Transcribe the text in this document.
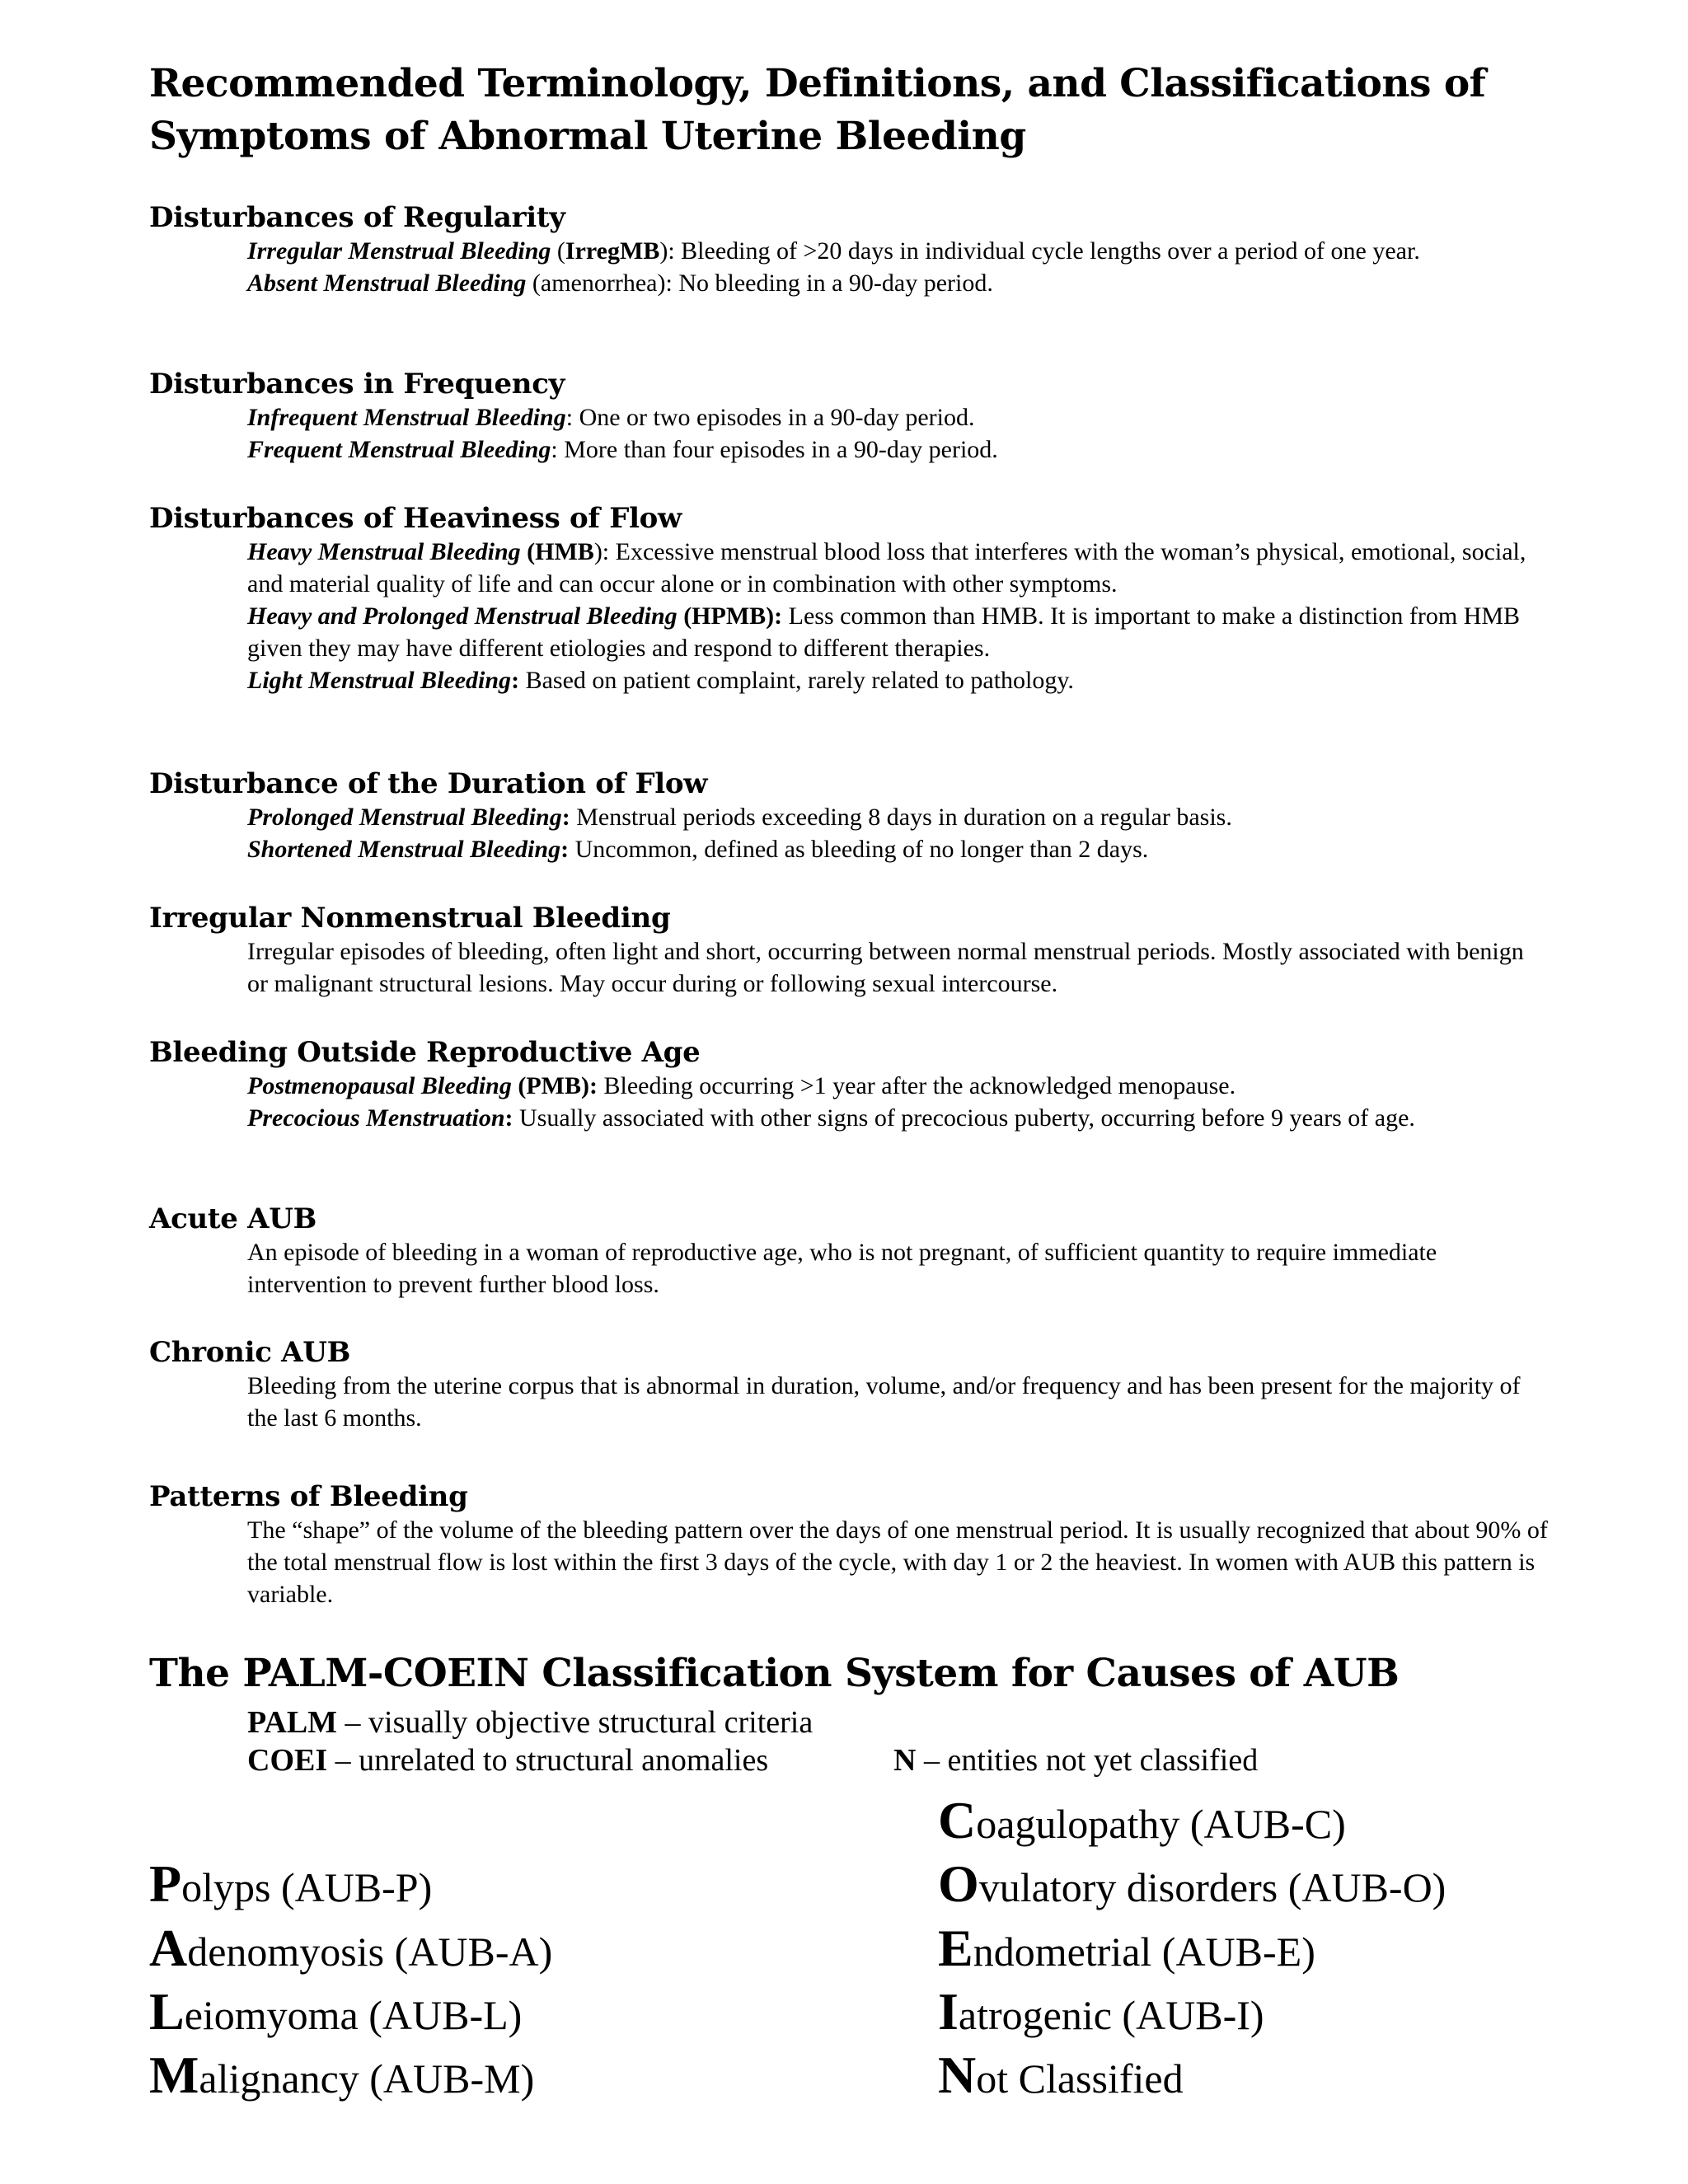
Recommended Terminology, Definitions, and Classifications of Symptoms of Abnormal Uterine Bleeding
Disturbances of Regularity

Irregular Menstrual Bleeding (IrregMB): Bleeding of >20 days in individual cycle lengths over a period of one year.

Absent Menstrual Bleeding (amenorrhea): No bleeding in a 90-day period.

Disturbances in Frequency

Infrequent Menstrual Bleeding: One or two episodes in a 90-day period.

Frequent Menstrual Bleeding: More than four episodes in a 90-day period.

Disturbances of Heaviness of Flow

Heavy Menstrual Bleeding (HMB): Excessive menstrual blood loss that interferes with the woman’s physical, emotional, social, and material quality of life and can occur alone or in combination with other symptoms.

Heavy and Prolonged Menstrual Bleeding (HPMB): Less common than HMB. It is important to make a distinction from HMB given they may have different etiologies and respond to different therapies.

Light Menstrual Bleeding: Based on patient complaint, rarely related to pathology.

Disturbance of the Duration of Flow

Prolonged Menstrual Bleeding: Menstrual periods exceeding 8 days in duration on a regular basis.

Shortened Menstrual Bleeding: Uncommon, defined as bleeding of no longer than 2 days.

Irregular Nonmenstrual Bleeding

Irregular episodes of bleeding, often light and short, occurring between normal menstrual periods. Mostly associated with benign or malignant structural lesions. May occur during or following sexual intercourse.

Bleeding Outside Reproductive Age

Postmenopausal Bleeding (PMB): Bleeding occurring >1 year after the acknowledged menopause.

Precocious Menstruation: Usually associated with other signs of precocious puberty, occurring before 9 years of age.

Acute AUB

An episode of bleeding in a woman of reproductive age, who is not pregnant, of sufficient quantity to require immediate intervention to prevent further blood loss.

Chronic AUB

Bleeding from the uterine corpus that is abnormal in duration, volume, and/or frequency and has been present for the majority of the last 6 months.

Patterns of Bleeding

The “shape” of the volume of the bleeding pattern over the days of one menstrual period. It is usually recognized that about 90% of the total menstrual flow is lost within the first 3 days of the cycle, with day 1 or 2 the heaviest. In women with AUB this pattern is variable.

The PALM-COEIN Classification System for Causes of AUB
PALM – visually objective structural criteria
COEI – unrelated to structural anomalies	N – entities not yet classified
Polyps (AUB-P)
Adenomyosis (AUB-A)
Leiomyoma (AUB-L)
Malignancy (AUB-M)
Coagulopathy (AUB-C)
Ovulatory disorders (AUB-O)
Endometrial (AUB-E)
Iatrogenic (AUB-I)
Not Classified
